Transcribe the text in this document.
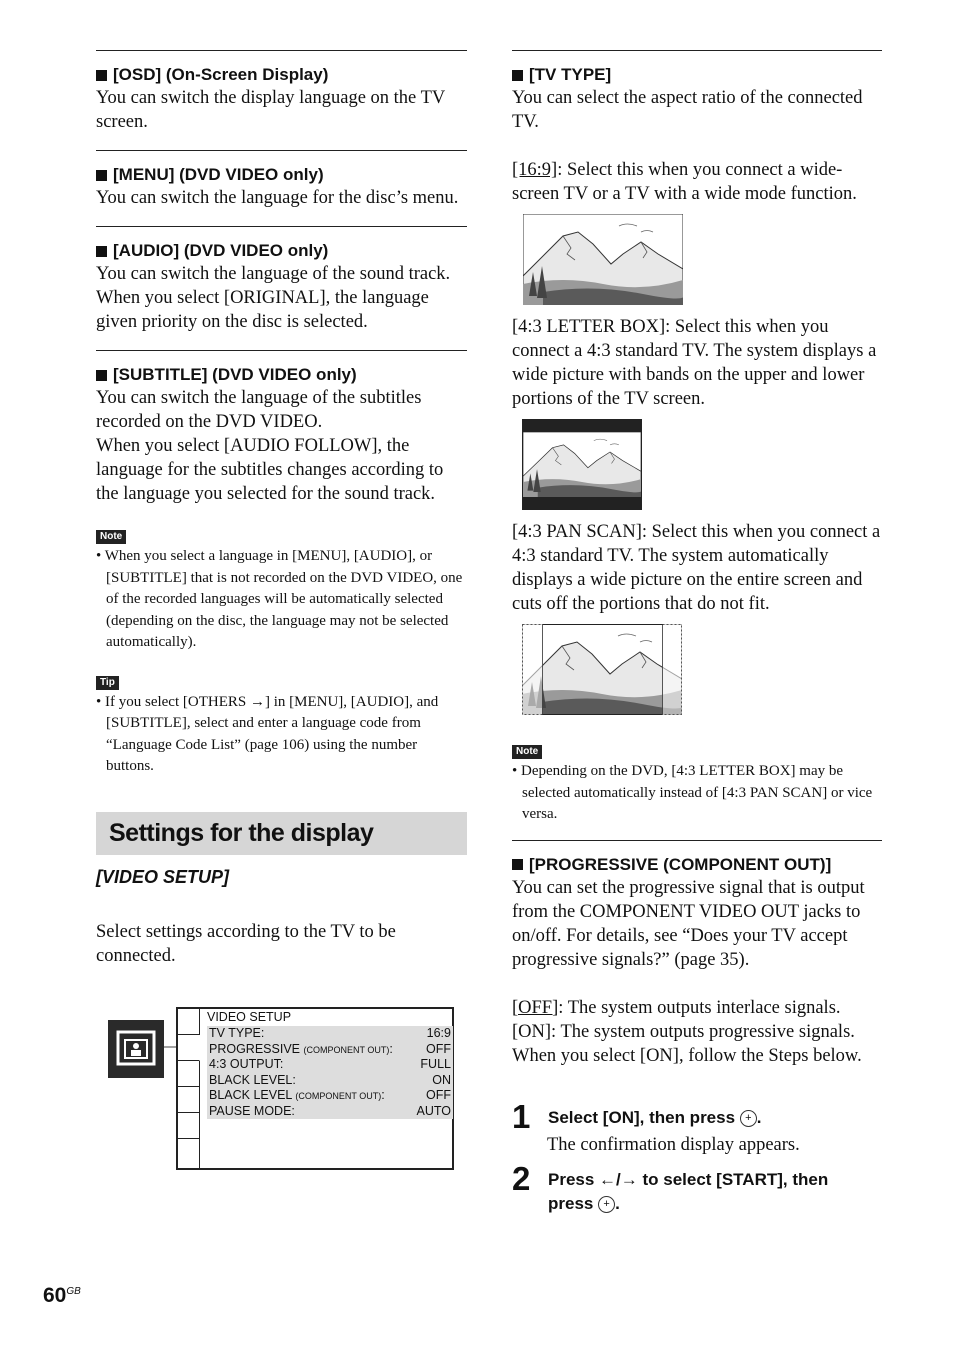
[OSD] (On-Screen Display)

You can switch the display language on the TV screen.

[MENU] (DVD VIDEO only)

You can switch the language for the disc’s menu.

[AUDIO] (DVD VIDEO only)

You can switch the language of the sound track. When you select [ORIGINAL], the language given priority on the disc is selected.

[SUBTITLE] (DVD VIDEO only)

You can switch the language of the subtitles recorded on the DVD VIDEO.

When you select [AUDIO FOLLOW], the language for the subtitles changes according to the language you selected for the sound track.

Note

• When you select a language in [MENU], [AUDIO], or [SUBTITLE] that is not recorded on the DVD VIDEO, one of the recorded languages will be automatically selected (depending on the disc, the language may not be selected automatically).

Tip

• If you select [OTHERS →] in [MENU], [AUDIO], and [SUBTITLE], select and enter a language code from “Language Code List” (page 106) using the number buttons.

Settings for the display
[VIDEO SETUP]

Select settings according to the TV to be connected.

VIDEO SETUP
TV TYPE:	16:9
PROGRESSIVE (COMPONENT OUT):	OFF
4:3 OUTPUT:	FULL
BLACK LEVEL:	ON
BLACK LEVEL (COMPONENT OUT):	OFF
PAUSE MODE:	AUTO
[TV TYPE]

You can select the aspect ratio of the connected TV.

[16:9]: Select this when you connect a wide-screen TV or a TV with a wide mode function.

[4:3 LETTER BOX]: Select this when you connect a 4:3 standard TV. The system displays a wide picture with bands on the upper and lower portions of the TV screen.

[4:3 PAN SCAN]: Select this when you connect a 4:3 standard TV. The system automatically displays a wide picture on the entire screen and cuts off the portions that do not fit.

Note

• Depending on the DVD, [4:3 LETTER BOX] may be selected automatically instead of [4:3 PAN SCAN] or vice versa.

[PROGRESSIVE (COMPONENT OUT)]

You can set the progressive signal that is output from the COMPONENT VIDEO OUT jacks to on/off. For details, see “Does your TV accept progressive signals?” (page 35).

[OFF]: The system outputs interlace signals.

[ON]: The system outputs progressive signals.

When you select [ON], follow the Steps below.

1 Select [ON], then press + .
The confirmation display appears.
2 Press ←/→ to select [START], then press + .
$60^{GB}$
